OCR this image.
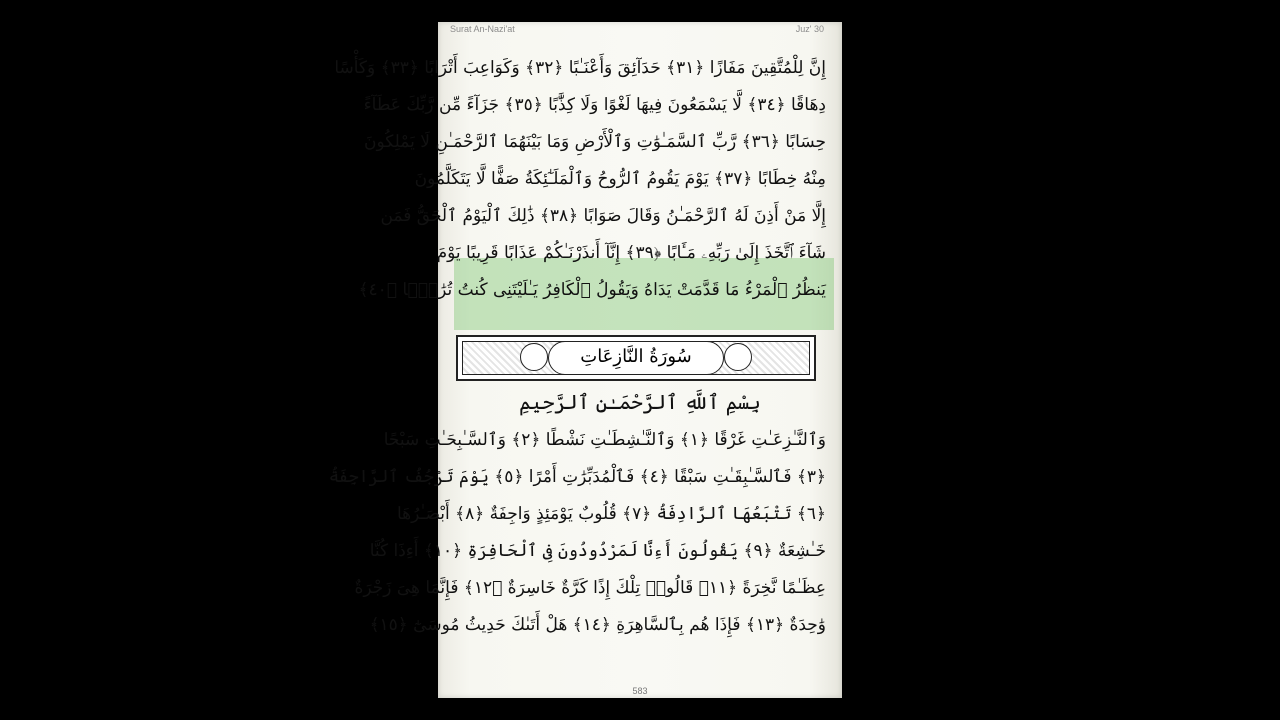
Surat An-Nazi'at	Juz' 30
إِنَّ لِلْمُتَّقِينَ مَفَازًا ﴿٣١﴾ حَدَآئِقَ وَأَعْنَـٰبًا ﴿٣٢﴾ وَكَوَاعِبَ أَتْرَابًا ﴿٣٣﴾ وَكَأْسًا
دِهَاقًا ﴿٣٤﴾ لَّا يَسْمَعُونَ فِيهَا لَغْوًا وَلَا كِذَّٰبًا ﴿٣٥﴾ جَزَآءً مِّن رَّبِّكَ عَطَآءً
حِسَابًا ﴿٣٦﴾ رَّبِّ ٱلسَّمَـٰوَٰتِ وَٱلْأَرْضِ وَمَا بَيْنَهُمَا ٱلرَّحْمَـٰنِ لَا يَمْلِكُونَ
مِنْهُ خِطَابًا ﴿٣٧﴾ يَوْمَ يَقُومُ ٱلرُّوحُ وَٱلْمَلَـٰٓئِكَةُ صَفًّا لَّا يَتَكَلَّمُونَ
إِلَّا مَنْ أَذِنَ لَهُ ٱلرَّحْمَـٰنُ وَقَالَ صَوَابًا ﴿٣٨﴾ ذَٰلِكَ ٱلْيَوْمُ ٱلْحَقُّ فَمَن
شَآءَ ٱتَّخَذَ إِلَىٰ رَبِّهِۦ مَـَٔابًا ﴿٣٩﴾ إِنَّآ أَنذَرْنَـٰكُمْ عَذَابًا قَرِيبًا يَوْمَ
يَنظُرُ ٱلْمَرْءُ مَا قَدَّمَتْ يَدَاهُ وَيَقُولُ ٱلْكَافِرُ يَـٰلَيْتَنِى كُنتُ تُرَٰبًۢا ﴿٤٠﴾
سُورَةُ النَّازِعَاتِ
بِسْمِ ٱللَّهِ ٱلرَّحْمَـٰنِ ٱلرَّحِيمِ
وَٱلنَّـٰزِعَـٰتِ غَرْقًا ﴿١﴾ وَٱلنَّـٰشِطَـٰتِ نَشْطًا ﴿٢﴾ وَٱلسَّـٰبِحَـٰتِ سَبْحًا
﴿٣﴾ فَٱلسَّـٰبِقَـٰتِ سَبْقًا ﴿٤﴾ فَٱلْمُدَبِّرَٰتِ أَمْرًا ﴿٥﴾ يَوْمَ تَرْجُفُ ٱلرَّاجِفَةُ
﴿٦﴾ تَتْبَعُهَا ٱلرَّادِفَةُ ﴿٧﴾ قُلُوبٌ يَوْمَئِذٍ وَاجِفَةٌ ﴿٨﴾ أَبْصَـٰرُهَا
خَـٰشِعَةٌ ﴿٩﴾ يَقُولُونَ أَءِنَّا لَمَرْدُودُونَ فِى ٱلْحَافِرَةِ ﴿١٠﴾ أَءِذَا كُنَّا
عِظَـٰمًا نَّخِرَةً ﴿١١﴾ قَالُوا۟ تِلْكَ إِذًا كَرَّةٌ خَاسِرَةٌ ﴿١٢﴾ فَإِنَّمَا هِىَ زَجْرَةٌ
وَٰحِدَةٌ ﴿١٣﴾ فَإِذَا هُم بِٱلسَّاهِرَةِ ﴿١٤﴾ هَلْ أَتَىٰكَ حَدِيثُ مُوسَىٰٓ ﴿١٥﴾
583
